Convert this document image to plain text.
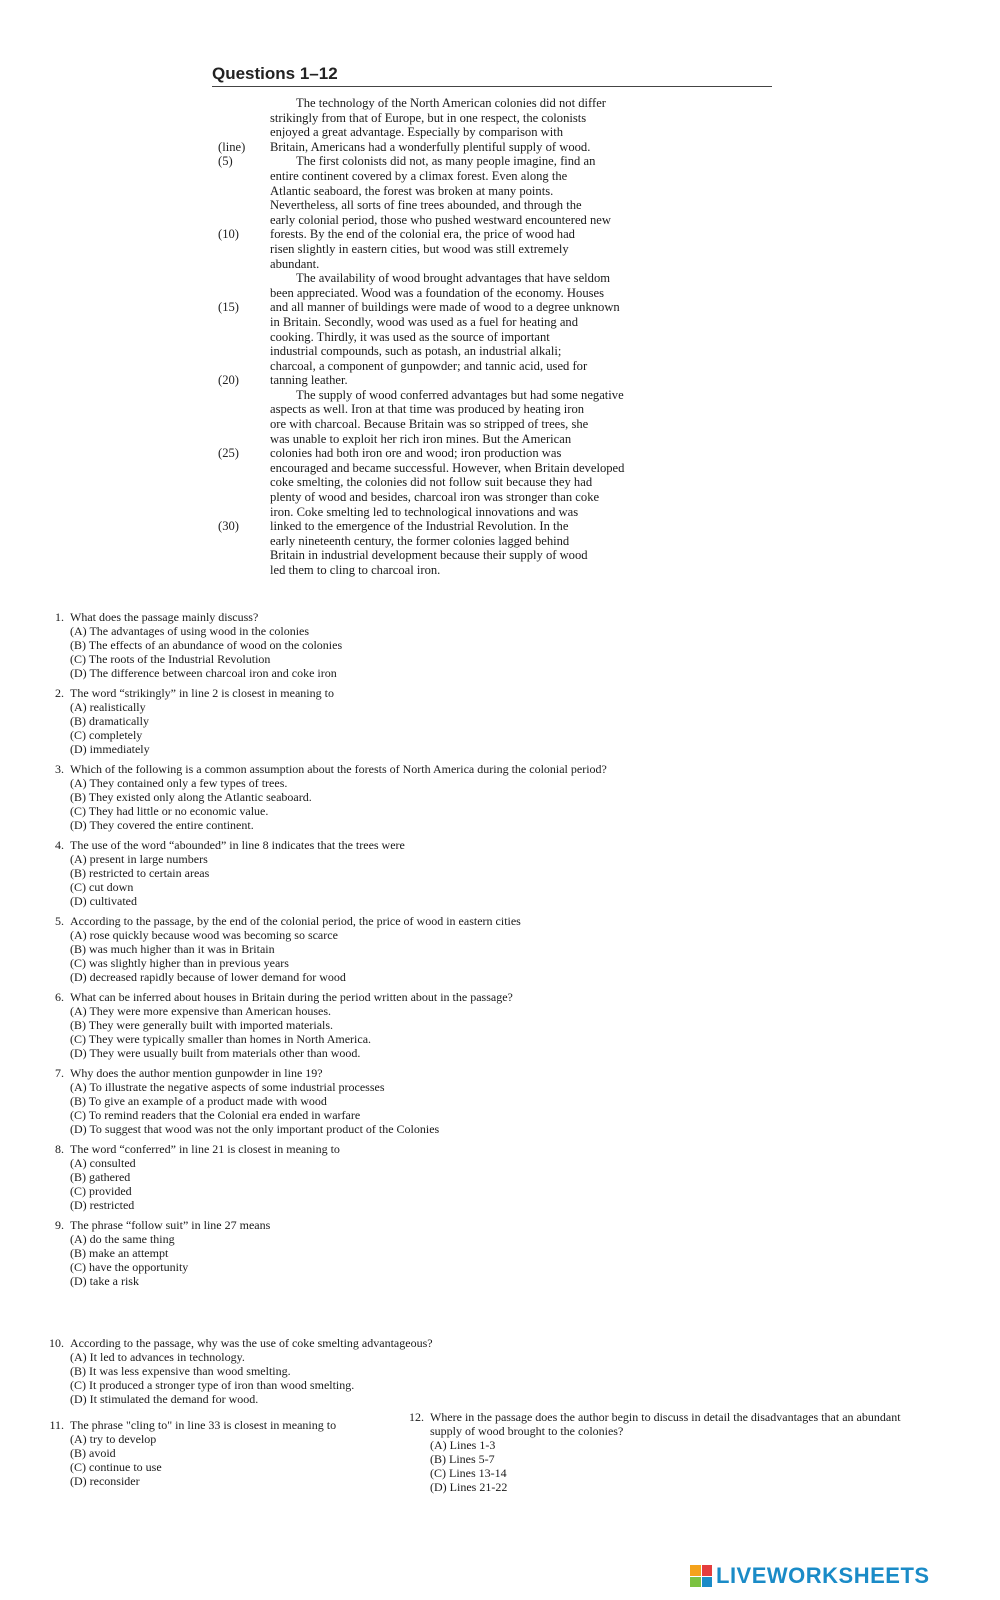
Questions 1–12
The technology of the North American colonies did not differ
strikingly from that of Europe, but in one respect, the colonists
enjoyed a great advantage. Especially by comparison with
(line)	Britain, Americans had a wonderfully plentiful supply of wood.
(5)	The first colonists did not, as many people imagine, find an
entire continent covered by a climax forest. Even along the
Atlantic seaboard, the forest was broken at many points.
Nevertheless, all sorts of fine trees abounded, and through the
early colonial period, those who pushed westward encountered new
(10)	forests. By the end of the colonial era, the price of wood had
risen slightly in eastern cities, but wood was still extremely
abundant.
The availability of wood brought advantages that have seldom
been appreciated. Wood was a foundation of the economy. Houses
(15)	and all manner of buildings were made of wood to a degree unknown
in Britain. Secondly, wood was used as a fuel for heating and
cooking. Thirdly, it was used as the source of important
industrial compounds, such as potash, an industrial alkali;
charcoal, a component of gunpowder; and tannic acid, used for
(20)	tanning leather.
The supply of wood conferred advantages but had some negative
aspects as well. Iron at that time was produced by heating iron
ore with charcoal. Because Britain was so stripped of trees, she
was unable to exploit her rich iron mines. But the American
(25)	colonies had both iron ore and wood; iron production was
encouraged and became successful. However, when Britain developed
coke smelting, the colonies did not follow suit because they had
plenty of wood and besides, charcoal iron was stronger than coke
iron. Coke smelting led to technological innovations and was
(30)	linked to the emergence of the Industrial Revolution. In the
early nineteenth century, the former colonies lagged behind
Britain in industrial development because their supply of wood
led them to cling to charcoal iron.
1. What does the passage mainly discuss?
(A) The advantages of using wood in the colonies
(B) The effects of an abundance of wood on the colonies
(C) The roots of the Industrial Revolution
(D) The difference between charcoal iron and coke iron
2. The word “strikingly” in line 2 is closest in meaning to
(A) realistically
(B) dramatically
(C) completely
(D) immediately
3. Which of the following is a common assumption about the forests of North America during the colonial period?
(A) They contained only a few types of trees.
(B) They existed only along the Atlantic seaboard.
(C) They had little or no economic value.
(D) They covered the entire continent.
4. The use of the word “abounded” in line 8 indicates that the trees were
(A) present in large numbers
(B) restricted to certain areas
(C) cut down
(D) cultivated
5. According to the passage, by the end of the colonial period, the price of wood in eastern cities
(A) rose quickly because wood was becoming so scarce
(B) was much higher than it was in Britain
(C) was slightly higher than in previous years
(D) decreased rapidly because of lower demand for wood
6. What can be inferred about houses in Britain during the period written about in the passage?
(A) They were more expensive than American houses.
(B) They were generally built with imported materials.
(C) They were typically smaller than homes in North America.
(D) They were usually built from materials other than wood.
7. Why does the author mention gunpowder in line 19?
(A) To illustrate the negative aspects of some industrial processes
(B) To give an example of a product made with wood
(C) To remind readers that the Colonial era ended in warfare
(D) To suggest that wood was not the only important product of the Colonies
8. The word “conferred” in line 21 is closest in meaning to
(A) consulted
(B) gathered
(C) provided
(D) restricted
9. The phrase “follow suit” in line 27 means
(A) do the same thing
(B) make an attempt
(C) have the opportunity
(D) take a risk
10. According to the passage, why was the use of coke smelting advantageous?
(A) It led to advances in technology.
(B) It was less expensive than wood smelting.
(C) It produced a stronger type of iron than wood smelting.
(D) It stimulated the demand for wood.
11. The phrase "cling to" in line 33 is closest in meaning to
(A) try to develop
(B) avoid
(C) continue to use
(D) reconsider
12. Where in the passage does the author begin to discuss in detail the disadvantages that an abundant supply of wood brought to the colonies?
(A) Lines 1-3
(B) Lines 5-7
(C) Lines 13-14
(D) Lines 21-22
LIVEWORKSHEETS
